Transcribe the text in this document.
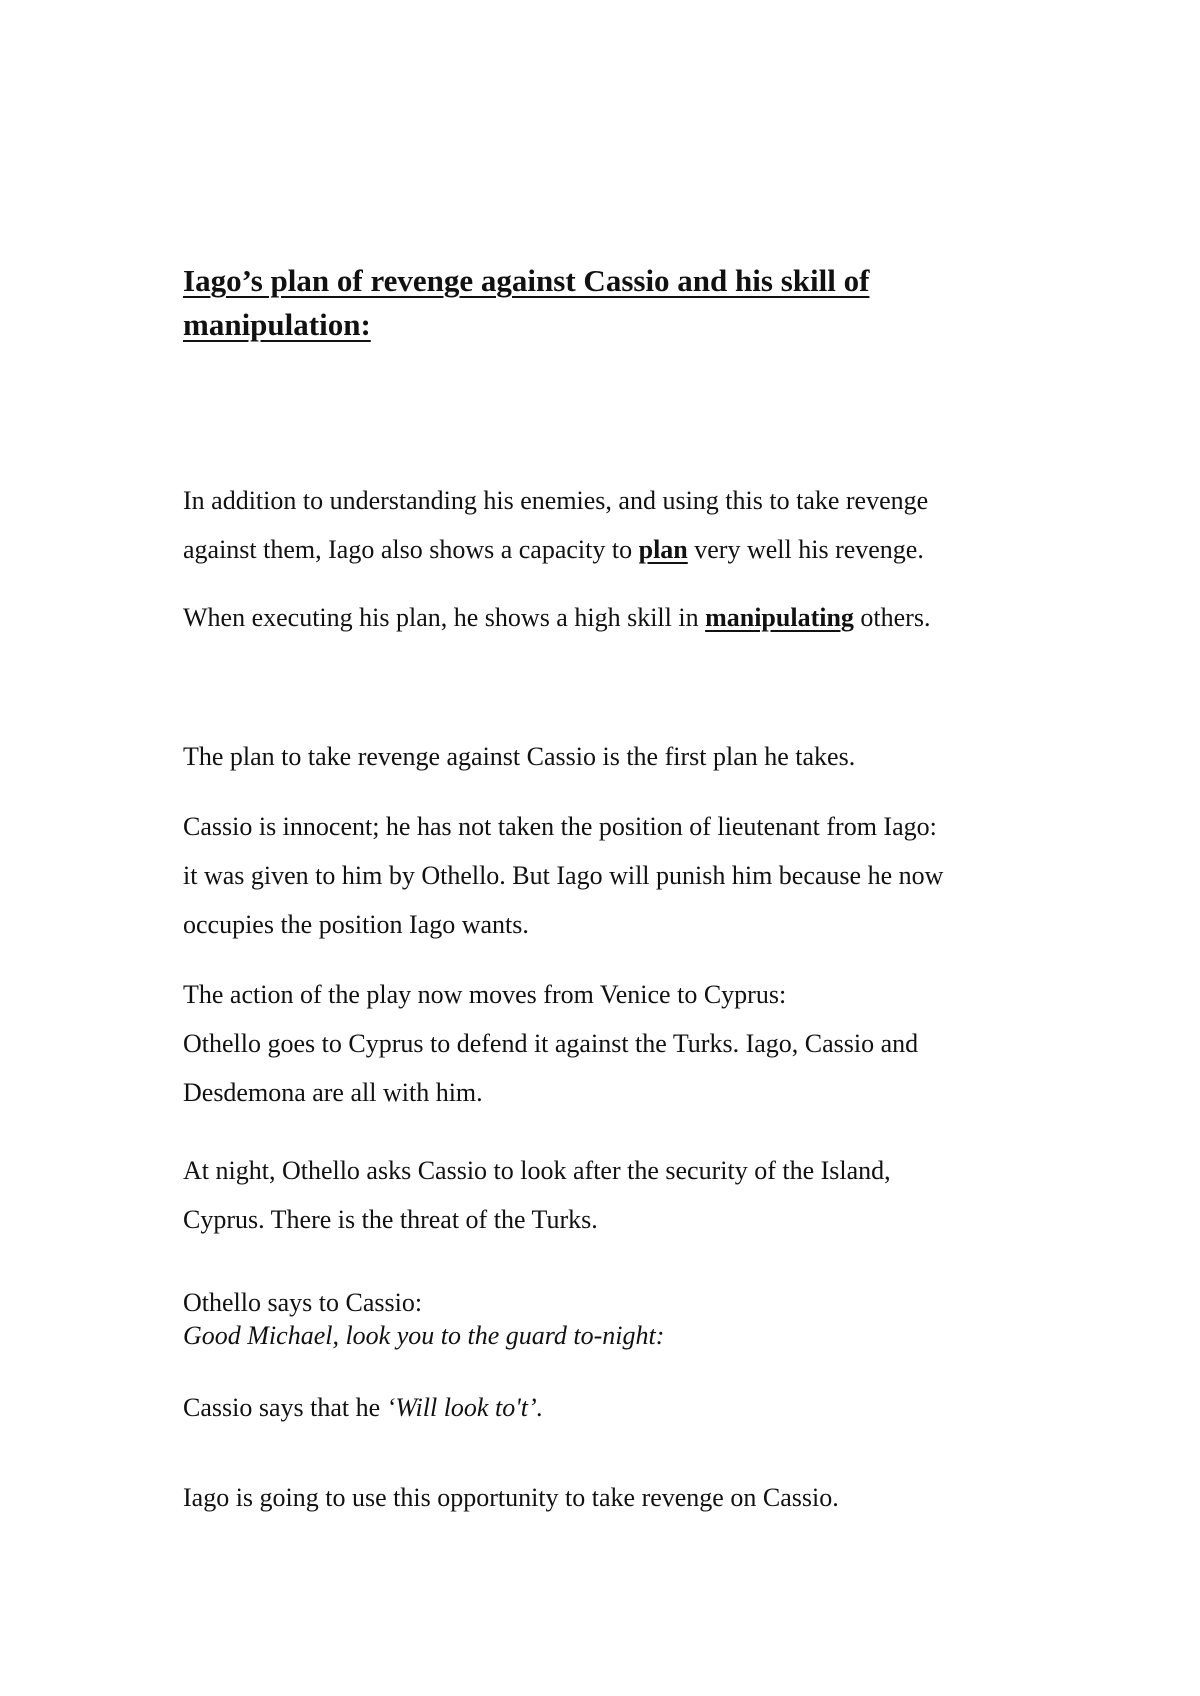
Iago’s plan of revenge against Cassio and his skill of
manipulation:
In addition to understanding his enemies, and using this to take revenge
against them, Iago also shows a capacity to plan very well his revenge.
When executing his plan, he shows a high skill in manipulating others.
The plan to take revenge against Cassio is the first plan he takes.
Cassio is innocent; he has not taken the position of lieutenant from Iago:
it was given to him by Othello. But Iago will punish him because he now
occupies the position Iago wants.
The action of the play now moves from Venice to Cyprus:
Othello goes to Cyprus to defend it against the Turks. Iago, Cassio and
Desdemona are all with him.
At night, Othello asks Cassio to look after the security of the Island,
Cyprus. There is the threat of the Turks.
Othello says to Cassio:
Good Michael, look you to the guard to-night:
Cassio says that he ‘Will look to't’.
Iago is going to use this opportunity to take revenge on Cassio.
